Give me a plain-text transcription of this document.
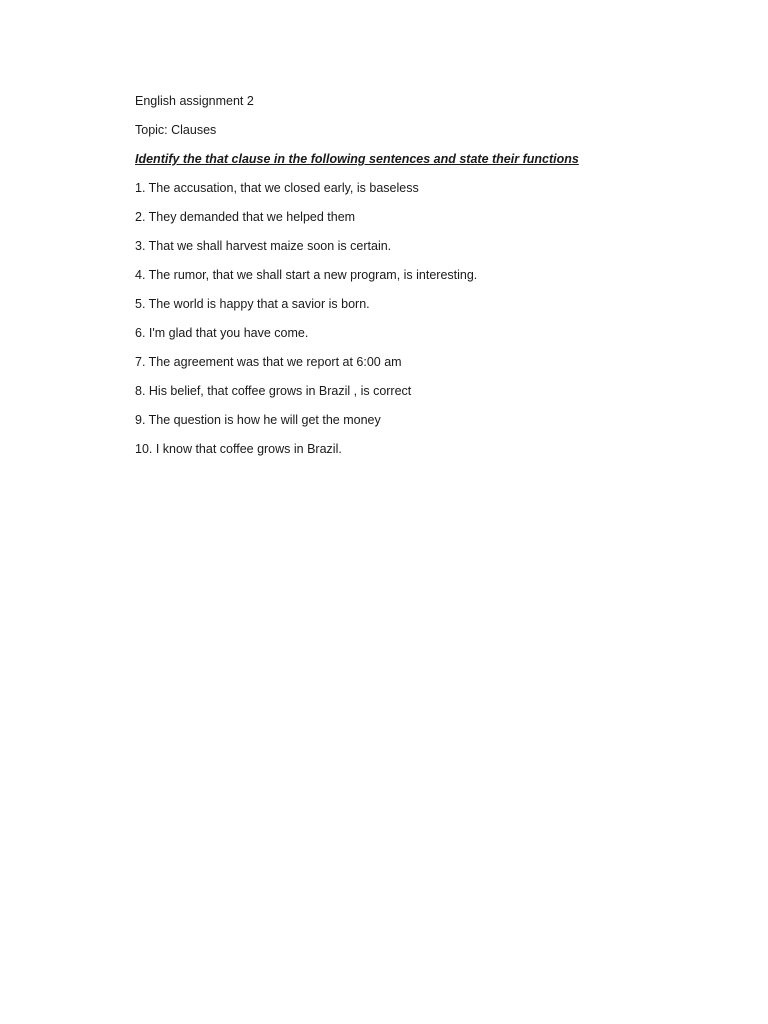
English assignment 2

Topic: Clauses

Identify the that clause in the following sentences and state their functions

1. The accusation, that we closed early, is baseless

2. They demanded that we helped them

3. That we shall harvest maize soon is certain.

4. The rumor, that we shall start a new program, is interesting.

5. The world is happy that a savior is born.

6. I'm glad that you have come.

7. The agreement was that we report at 6:00 am

8. His belief, that coffee grows in Brazil , is correct

9. The question is how he will get the money

10. I know that coffee grows in Brazil.
